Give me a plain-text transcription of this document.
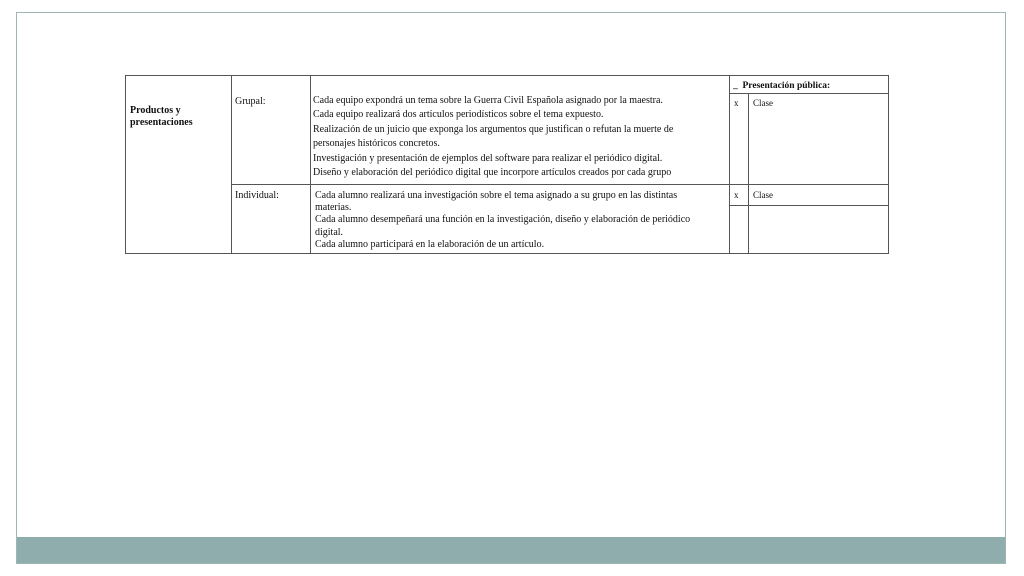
Productos y
presentaciones
Grupal:	Cada equipo expondrá un tema sobre la Guerra Civil Española asignado por la maestra.
Cada equipo realizará dos artículos periodísticos sobre el tema expuesto.
Realización de un juicio que exponga los argumentos que justifican o refutan la muerte de
personajes históricos concretos.
Investigación y presentación de ejemplos del software para realizar el periódico digital.
Diseño y elaboración del periódico digital que incorpore artículos creados por cada grupo
_ Presentación pública:
x Clase
Individual:	Cada alumno realizará una investigación sobre el tema asignado a su grupo en las distintas
materias.
Cada alumno desempeñará una función en la investigación, diseño y elaboración de periódico
digital.
Cada alumno participará en la elaboración de un artículo.
x Clase
